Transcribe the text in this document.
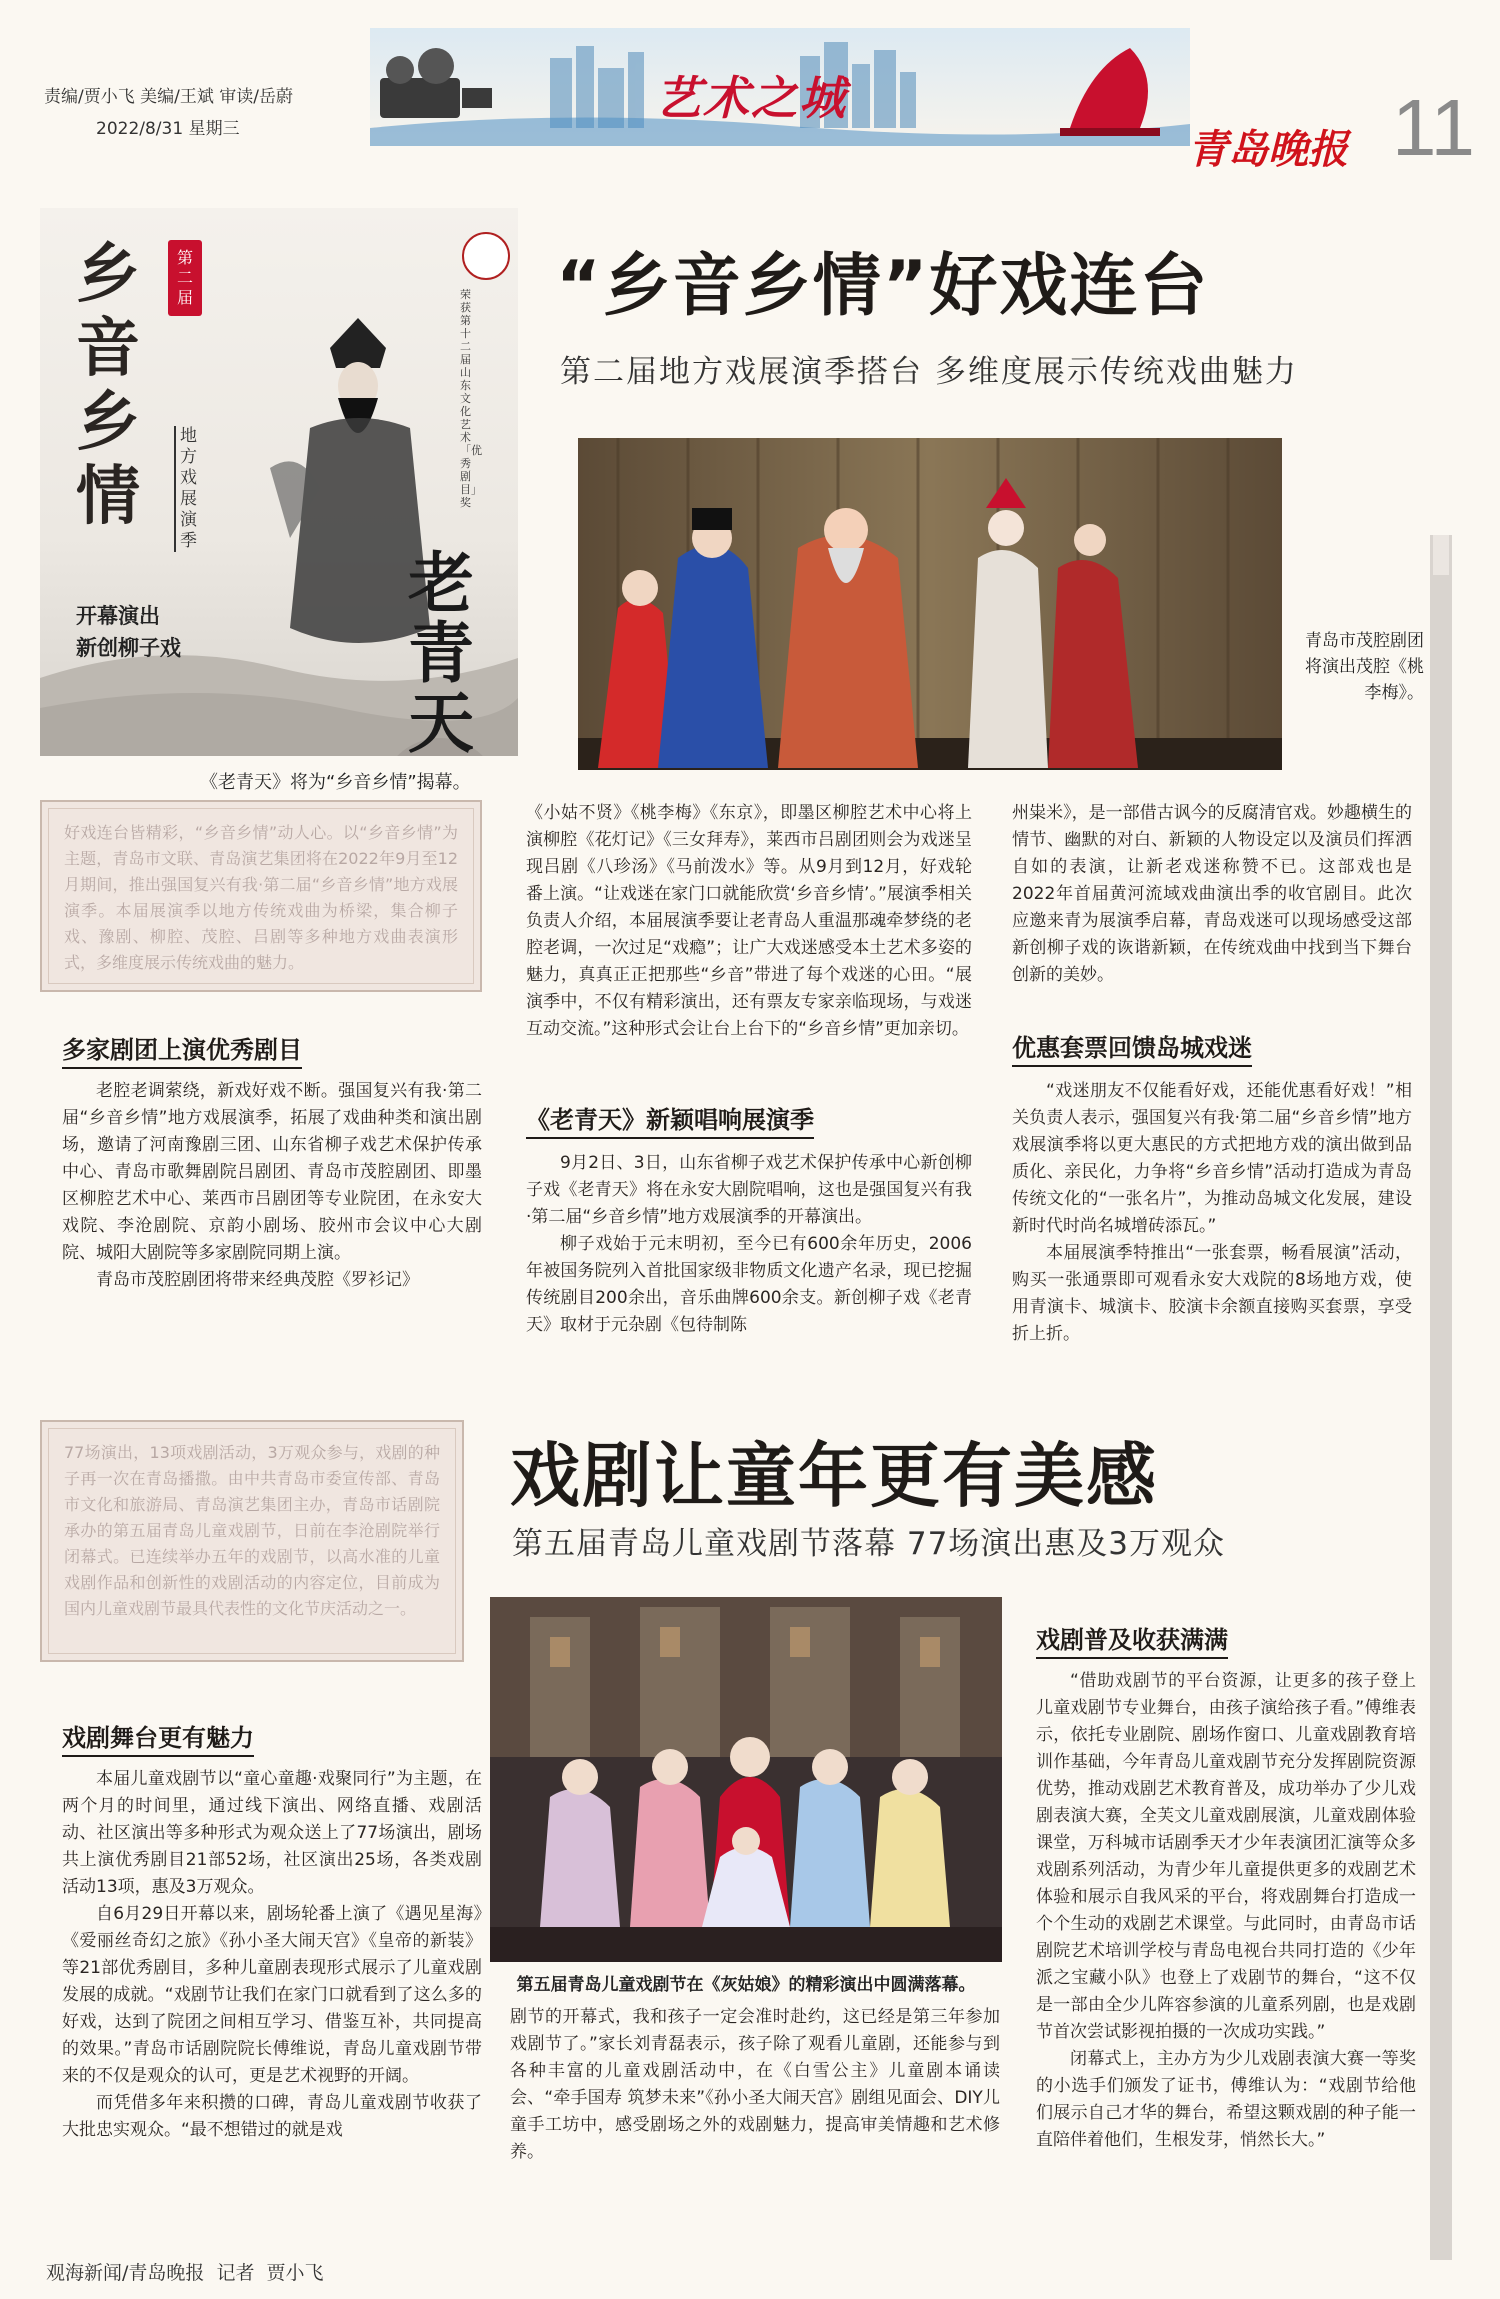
责编/贾小飞 美编/王斌 审读/岳蔚
2022/8/31 星期三
艺术之城
青岛晚报 11
乡音乡情
第二届
地方戏展演季
老青天
开幕演出
新创柳子戏
荣获第十二届山东文化艺术「优秀剧目」奖
《老青天》将为“乡音乡情”揭幕。
“乡音乡情”好戏连台
第二届地方戏展演季搭台 多维度展示传统戏曲魅力
青岛市茂腔剧团将演出茂腔《桃李梅》。
好戏连台皆精彩，“乡音乡情”动人心。以“乡音乡情”为主题，青岛市文联、青岛演艺集团将在2022年9月至12月期间，推出强国复兴有我·第二届“乡音乡情”地方戏展演季。本届展演季以地方传统戏曲为桥梁，集合柳子戏、豫剧、柳腔、茂腔、吕剧等多种地方戏曲表演形式，多维度展示传统戏曲的魅力。
多家剧团上演优秀剧目

老腔老调萦绕，新戏好戏不断。强国复兴有我·第二届“乡音乡情”地方戏展演季，拓展了戏曲种类和演出剧场，邀请了河南豫剧三团、山东省柳子戏艺术保护传承中心、青岛市歌舞剧院吕剧团、青岛市茂腔剧团、即墨区柳腔艺术中心、莱西市吕剧团等专业院团，在永安大戏院、李沧剧院、京韵小剧场、胶州市会议中心大剧院、城阳大剧院等多家剧院同期上演。

青岛市茂腔剧团将带来经典茂腔《罗衫记》

《小姑不贤》《桃李梅》《东京》，即墨区柳腔艺术中心将上演柳腔《花灯记》《三女拜寿》，莱西市吕剧团则会为戏迷呈现吕剧《八珍汤》《马前泼水》等。从9月到12月，好戏轮番上演。“让戏迷在家门口就能欣赏‘乡音乡情’。”展演季相关负责人介绍，本届展演季要让老青岛人重温那魂牵梦绕的老腔老调，一次过足“戏瘾”；让广大戏迷感受本土艺术多姿的魅力，真真正正把那些“乡音”带进了每个戏迷的心田。“展演季中，不仅有精彩演出，还有票友专家亲临现场，与戏迷互动交流。”这种形式会让台上台下的“乡音乡情”更加亲切。

《老青天》新颖唱响展演季

9月2日、3日，山东省柳子戏艺术保护传承中心新创柳子戏《老青天》将在永安大剧院唱响，这也是强国复兴有我·第二届“乡音乡情”地方戏展演季的开幕演出。

柳子戏始于元末明初，至今已有600余年历史，2006年被国务院列入首批国家级非物质文化遗产名录，现已挖掘传统剧目200余出，音乐曲牌600余支。新创柳子戏《老青天》取材于元杂剧《包待制陈

州粜米》，是一部借古讽今的反腐清官戏。妙趣横生的情节、幽默的对白、新颖的人物设定以及演员们挥洒自如的表演，让新老戏迷称赞不已。这部戏也是2022年首届黄河流域戏曲演出季的收官剧目。此次应邀来青为展演季启幕，青岛戏迷可以现场感受这部新创柳子戏的诙谐新颖，在传统戏曲中找到当下舞台创新的美妙。

优惠套票回馈岛城戏迷

“戏迷朋友不仅能看好戏，还能优惠看好戏！”相关负责人表示，强国复兴有我·第二届“乡音乡情”地方戏展演季将以更大惠民的方式把地方戏的演出做到品质化、亲民化，力争将“乡音乡情”活动打造成为青岛传统文化的“一张名片”，为推动岛城文化发展，建设新时代时尚名城增砖添瓦。”

本届展演季特推出“一张套票，畅看展演”活动，购买一张通票即可观看永安大戏院的8场地方戏，使用青演卡、城演卡、胶演卡余额直接购买套票，享受折上折。

77场演出，13项戏剧活动，3万观众参与，戏剧的种子再一次在青岛播撒。由中共青岛市委宣传部、青岛市文化和旅游局、青岛演艺集团主办，青岛市话剧院承办的第五届青岛儿童戏剧节，日前在李沧剧院举行闭幕式。已连续举办五年的戏剧节，以高水准的儿童戏剧作品和创新性的戏剧活动的内容定位，目前成为国内儿童戏剧节最具代表性的文化节庆活动之一。
戏剧让童年更有美感
第五届青岛儿童戏剧节落幕 77场演出惠及3万观众
戏剧舞台更有魅力

本届儿童戏剧节以“童心童趣·戏聚同行”为主题，在两个月的时间里，通过线下演出、网络直播、戏剧活动、社区演出等多种形式为观众送上了77场演出，剧场共上演优秀剧目21部52场，社区演出25场，各类戏剧活动13项，惠及3万观众。

自6月29日开幕以来，剧场轮番上演了《遇见星海》《爱丽丝奇幻之旅》《孙小圣大闹天宫》《皇帝的新装》等21部优秀剧目，多种儿童剧表现形式展示了儿童戏剧发展的成就。“戏剧节让我们在家门口就看到了这么多的好戏，达到了院团之间相互学习、借鉴互补，共同提高的效果。”青岛市话剧院院长傅维说，青岛儿童戏剧节带来的不仅是观众的认可，更是艺术视野的开阔。

而凭借多年来积攒的口碑，青岛儿童戏剧节收获了大批忠实观众。“最不想错过的就是戏

第五届青岛儿童戏剧节在《灰姑娘》的精彩演出中圆满落幕。

剧节的开幕式，我和孩子一定会准时赴约，这已经是第三年参加戏剧节了。”家长刘青磊表示，孩子除了观看儿童剧，还能参与到各种丰富的儿童戏剧活动中，在《白雪公主》儿童剧本诵读会、“牵手国寿 筑梦未来”《孙小圣大闹天宫》剧组见面会、DIY儿童手工坊中，感受剧场之外的戏剧魅力，提高审美情趣和艺术修养。

戏剧普及收获满满

“借助戏剧节的平台资源，让更多的孩子登上儿童戏剧节专业舞台，由孩子演给孩子看。”傅维表示，依托专业剧院、剧场作窗口、儿童戏剧教育培训作基础，今年青岛儿童戏剧节充分发挥剧院资源优势，推动戏剧艺术教育普及，成功举办了少儿戏剧表演大赛，全芙文儿童戏剧展演，儿童戏剧体验课堂，万科城市话剧季天才少年表演团汇演等众多戏剧系列活动，为青少年儿童提供更多的戏剧艺术体验和展示自我风采的平台，将戏剧舞台打造成一个个生动的戏剧艺术课堂。与此同时，由青岛市话剧院艺术培训学校与青岛电视台共同打造的《少年派之宝藏小队》也登上了戏剧节的舞台，“这不仅是一部由全少儿阵容参演的儿童系列剧，也是戏剧节首次尝试影视拍摄的一次成功实践。”

闭幕式上，主办方为少儿戏剧表演大赛一等奖的小选手们颁发了证书，傅维认为：“戏剧节给他们展示自己才华的舞台，希望这颗戏剧的种子能一直陪伴着他们，生根发芽，悄然长大。”

观海新闻/青岛晚报 记者 贾小飞
